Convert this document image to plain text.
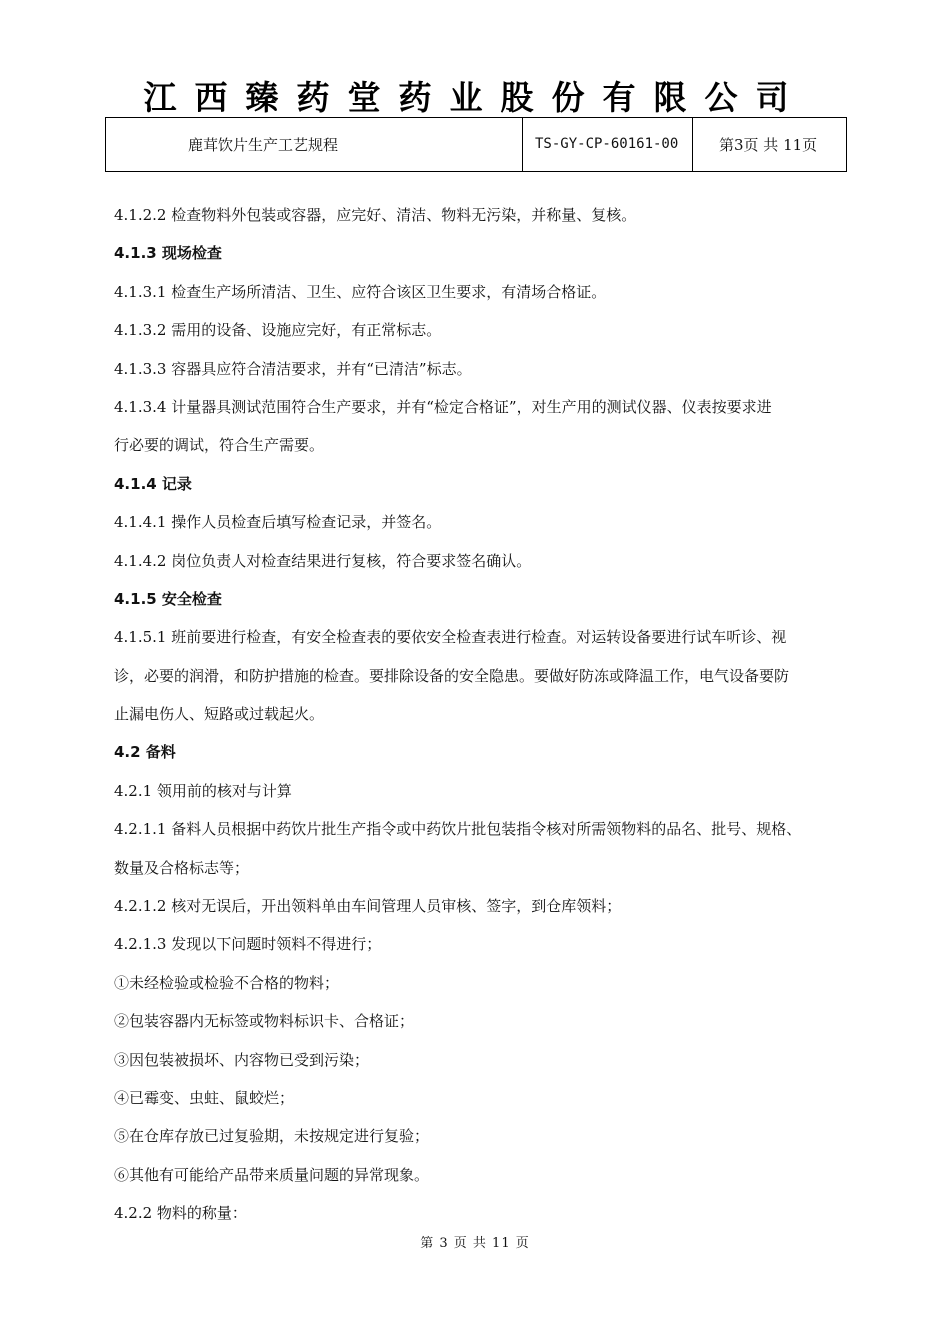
江西臻药堂药业股份有限公司
鹿茸饮片生产工艺规程	TS-GY-CP-60161-00	第3页 共 11页
4.1.2.2 检查物料外包装或容器，应完好、清洁、物料无污染，并称量、复核。
4.1.3 现场检查
4.1.3.1 检查生产场所清洁、卫生、应符合该区卫生要求，有清场合格证。
4.1.3.2 需用的设备、设施应完好，有正常标志。
4.1.3.3 容器具应符合清洁要求，并有“已清洁”标志。
4.1.3.4 计量器具测试范围符合生产要求，并有“检定合格证”，对生产用的测试仪器、仪表按要求进
行必要的调试，符合生产需要。
4.1.4 记录
4.1.4.1 操作人员检查后填写检查记录，并签名。
4.1.4.2 岗位负责人对检查结果进行复核，符合要求签名确认。
4.1.5 安全检查
4.1.5.1 班前要进行检查，有安全检查表的要依安全检查表进行检查。对运转设备要进行试车听诊、视
诊，必要的润滑，和防护措施的检查。要排除设备的安全隐患。要做好防冻或降温工作，电气设备要防
止漏电伤人、短路或过载起火。
4.2 备料
4.2.1 领用前的核对与计算
4.2.1.1 备料人员根据中药饮片批生产指令或中药饮片批包装指令核对所需领物料的品名、批号、规格、
数量及合格标志等；
4.2.1.2 核对无误后，开出领料单由车间管理人员审核、签字，到仓库领料；
4.2.1.3 发现以下问题时领料不得进行；
①未经检验或检验不合格的物料；
②包装容器内无标签或物料标识卡、合格证；
③因包装被损坏、内容物已受到污染；
④已霉变、虫蛀、鼠蛟烂；
⑤在仓库存放已过复验期，未按规定进行复验；
⑥其他有可能给产品带来质量问题的异常现象。
4.2.2 物料的称量：
第 3 页 共 11 页
